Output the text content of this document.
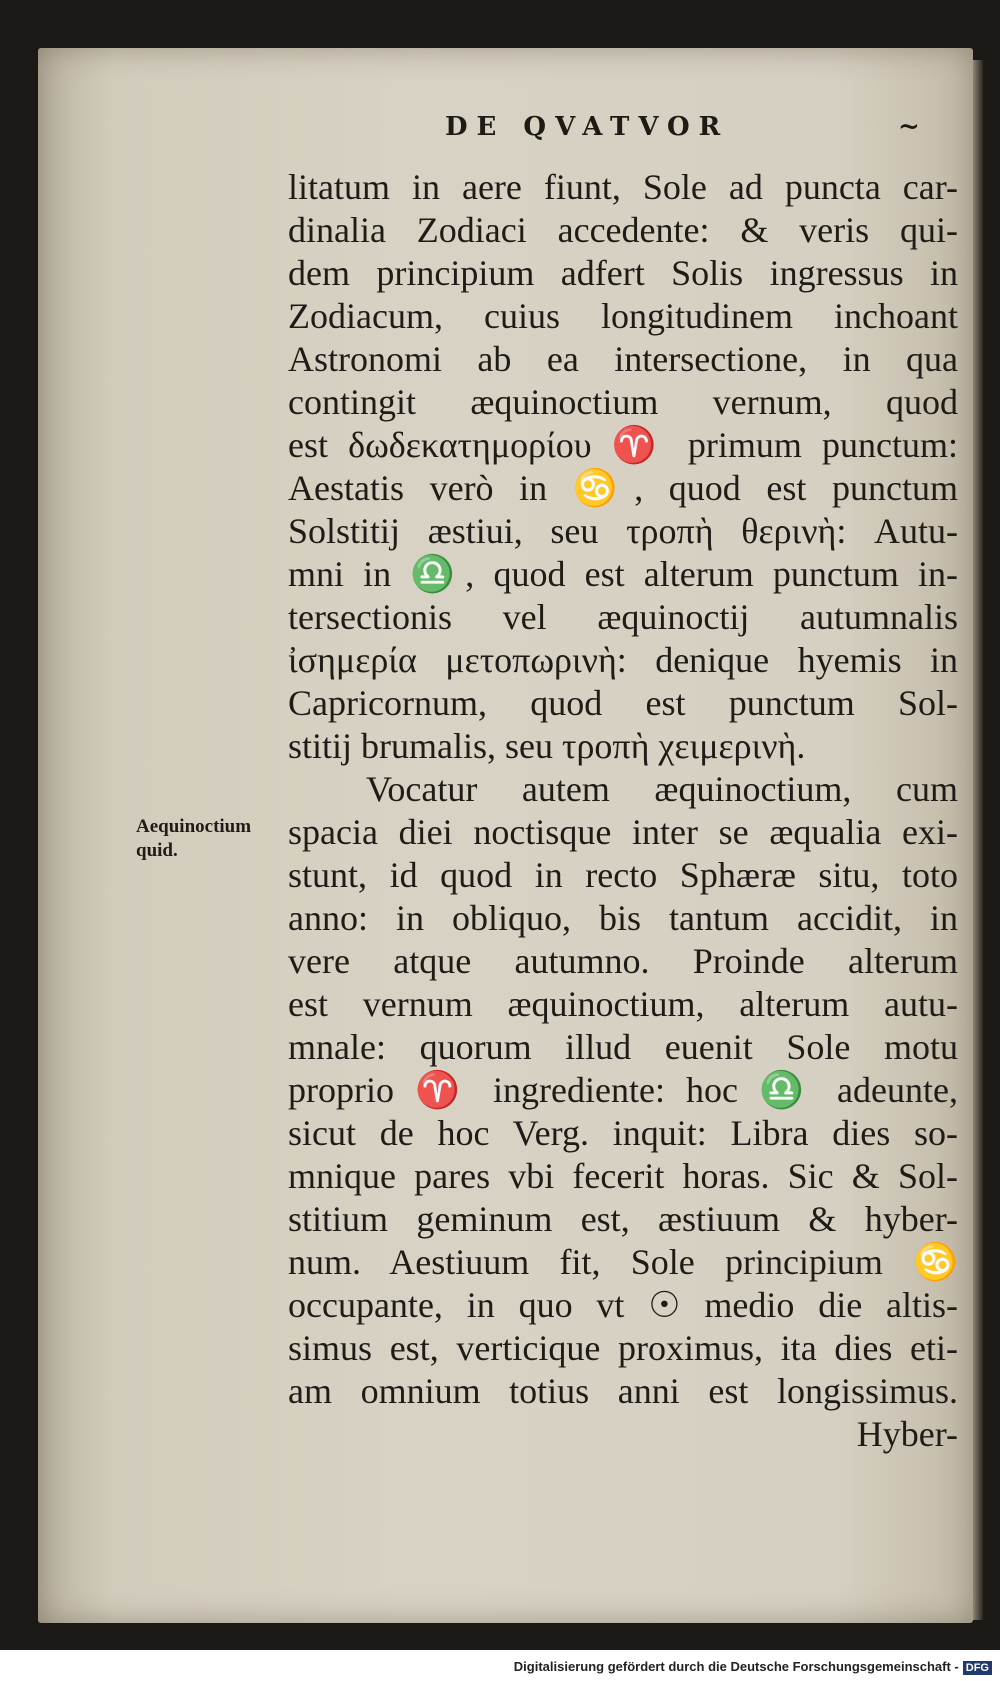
DE QVATVOR	~
Aequinoctium quid.
litatum in aere fiunt, Sole ad puncta car-
dinalia Zodiaci accedente: & veris qui-
dem principium adfert Solis ingressus in
Zodiacum, cuius longitudinem inchoant
Astronomi ab ea intersectione, in qua
contingit æquinoctium vernum, quod
est δωδεκατημορίου ♈ primum punctum:
Aestatis verò in ♋, quod est punctum
Solstitij æstiui, seu τροπὴ θερινὴ: Autu-
mni in ♎, quod est alterum punctum in-
tersectionis vel æquinoctij autumnalis
ἰσημερία μετοπωρινὴ: denique hyemis in
Capricornum, quod est punctum Sol-
stitij brumalis, seu τροπὴ χειμερινὴ.
Vocatur autem æquinoctium, cum
spacia diei noctisque inter se æqualia exi-
stunt, id quod in recto Sphæræ situ, toto
anno: in obliquo, bis tantum accidit, in
vere atque autumno. Proinde alterum
est vernum æquinoctium, alterum autu-
mnale: quorum illud euenit Sole motu
proprio ♈ ingrediente: hoc ♎ adeunte,
sicut de hoc Verg. inquit: Libra dies so-
mnique pares vbi fecerit horas. Sic & Sol-
stitium geminum est, æstiuum & hyber-
num. Aestiuum fit, Sole principium ♋
occupante, in quo vt ☉ medio die altis-
simus est, verticique proximus, ita dies eti-
am omnium totius anni est longissimus.
Hyber-
Digitalisierung gefördert durch die Deutsche Forschungsgemeinschaft - DFG
